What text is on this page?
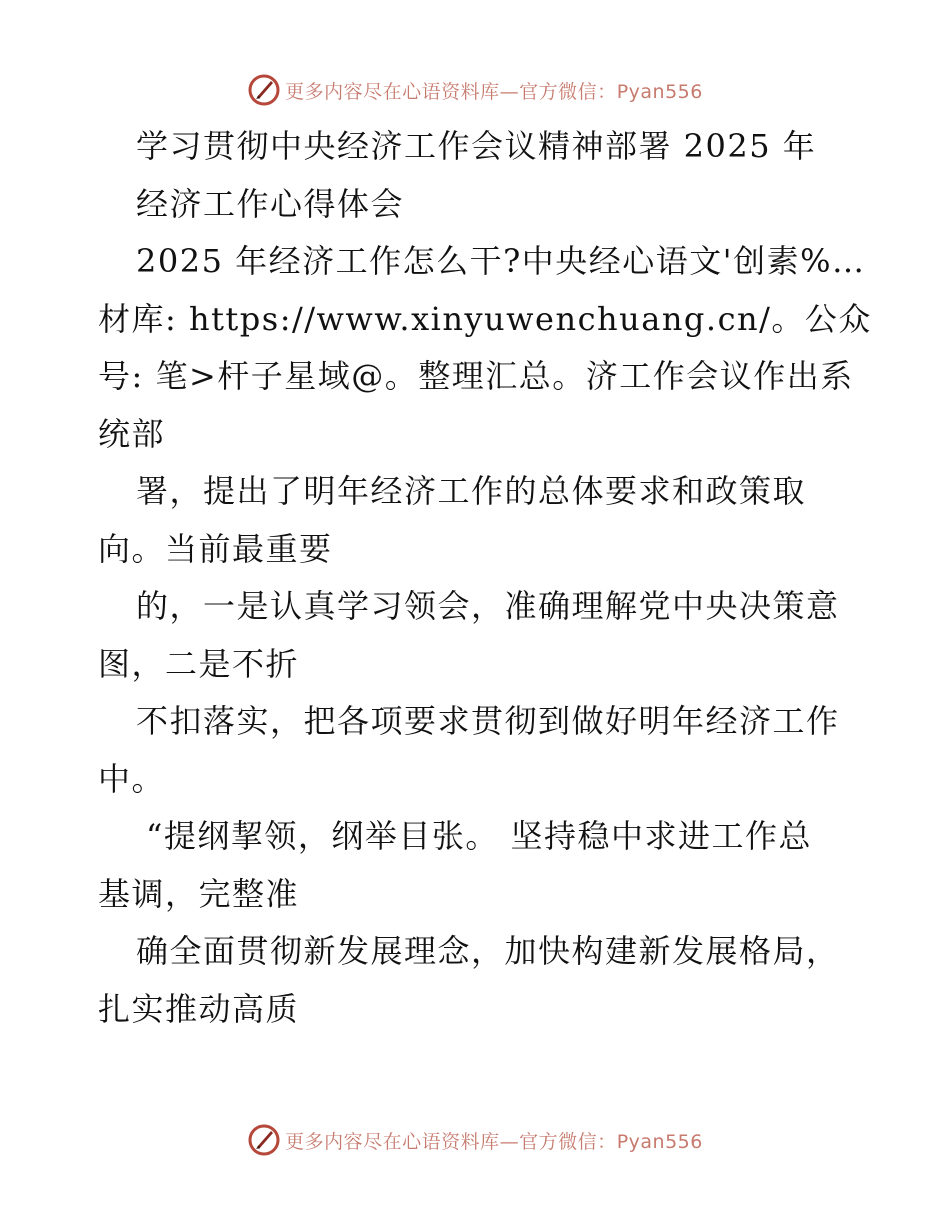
更多内容尽在心语资料库—官方微信：Pyan556
学习贯彻中央经济工作会议精神部署 2025 年
经济工作心得体会
2025 年经济工作怎么干?中央经心语文'创素%…
材库: https://www.xinyuwenchuang.cn/。公众
号: 笔>杆子星域@。整理汇总。济工作会议作出系
统部
署，提出了明年经济工作的总体要求和政策取
向。当前最重要
的，一是认真学习领会，准确理解党中央决策意
图，二是不折
不扣落实，把各项要求贯彻到做好明年经济工作
中。
“提纲挈领，纲举目张。 坚持稳中求进工作总
基调，完整准
确全面贯彻新发展理念，加快构建新发展格局，
扎实推动高质
更多内容尽在心语资料库—官方微信：Pyan556
